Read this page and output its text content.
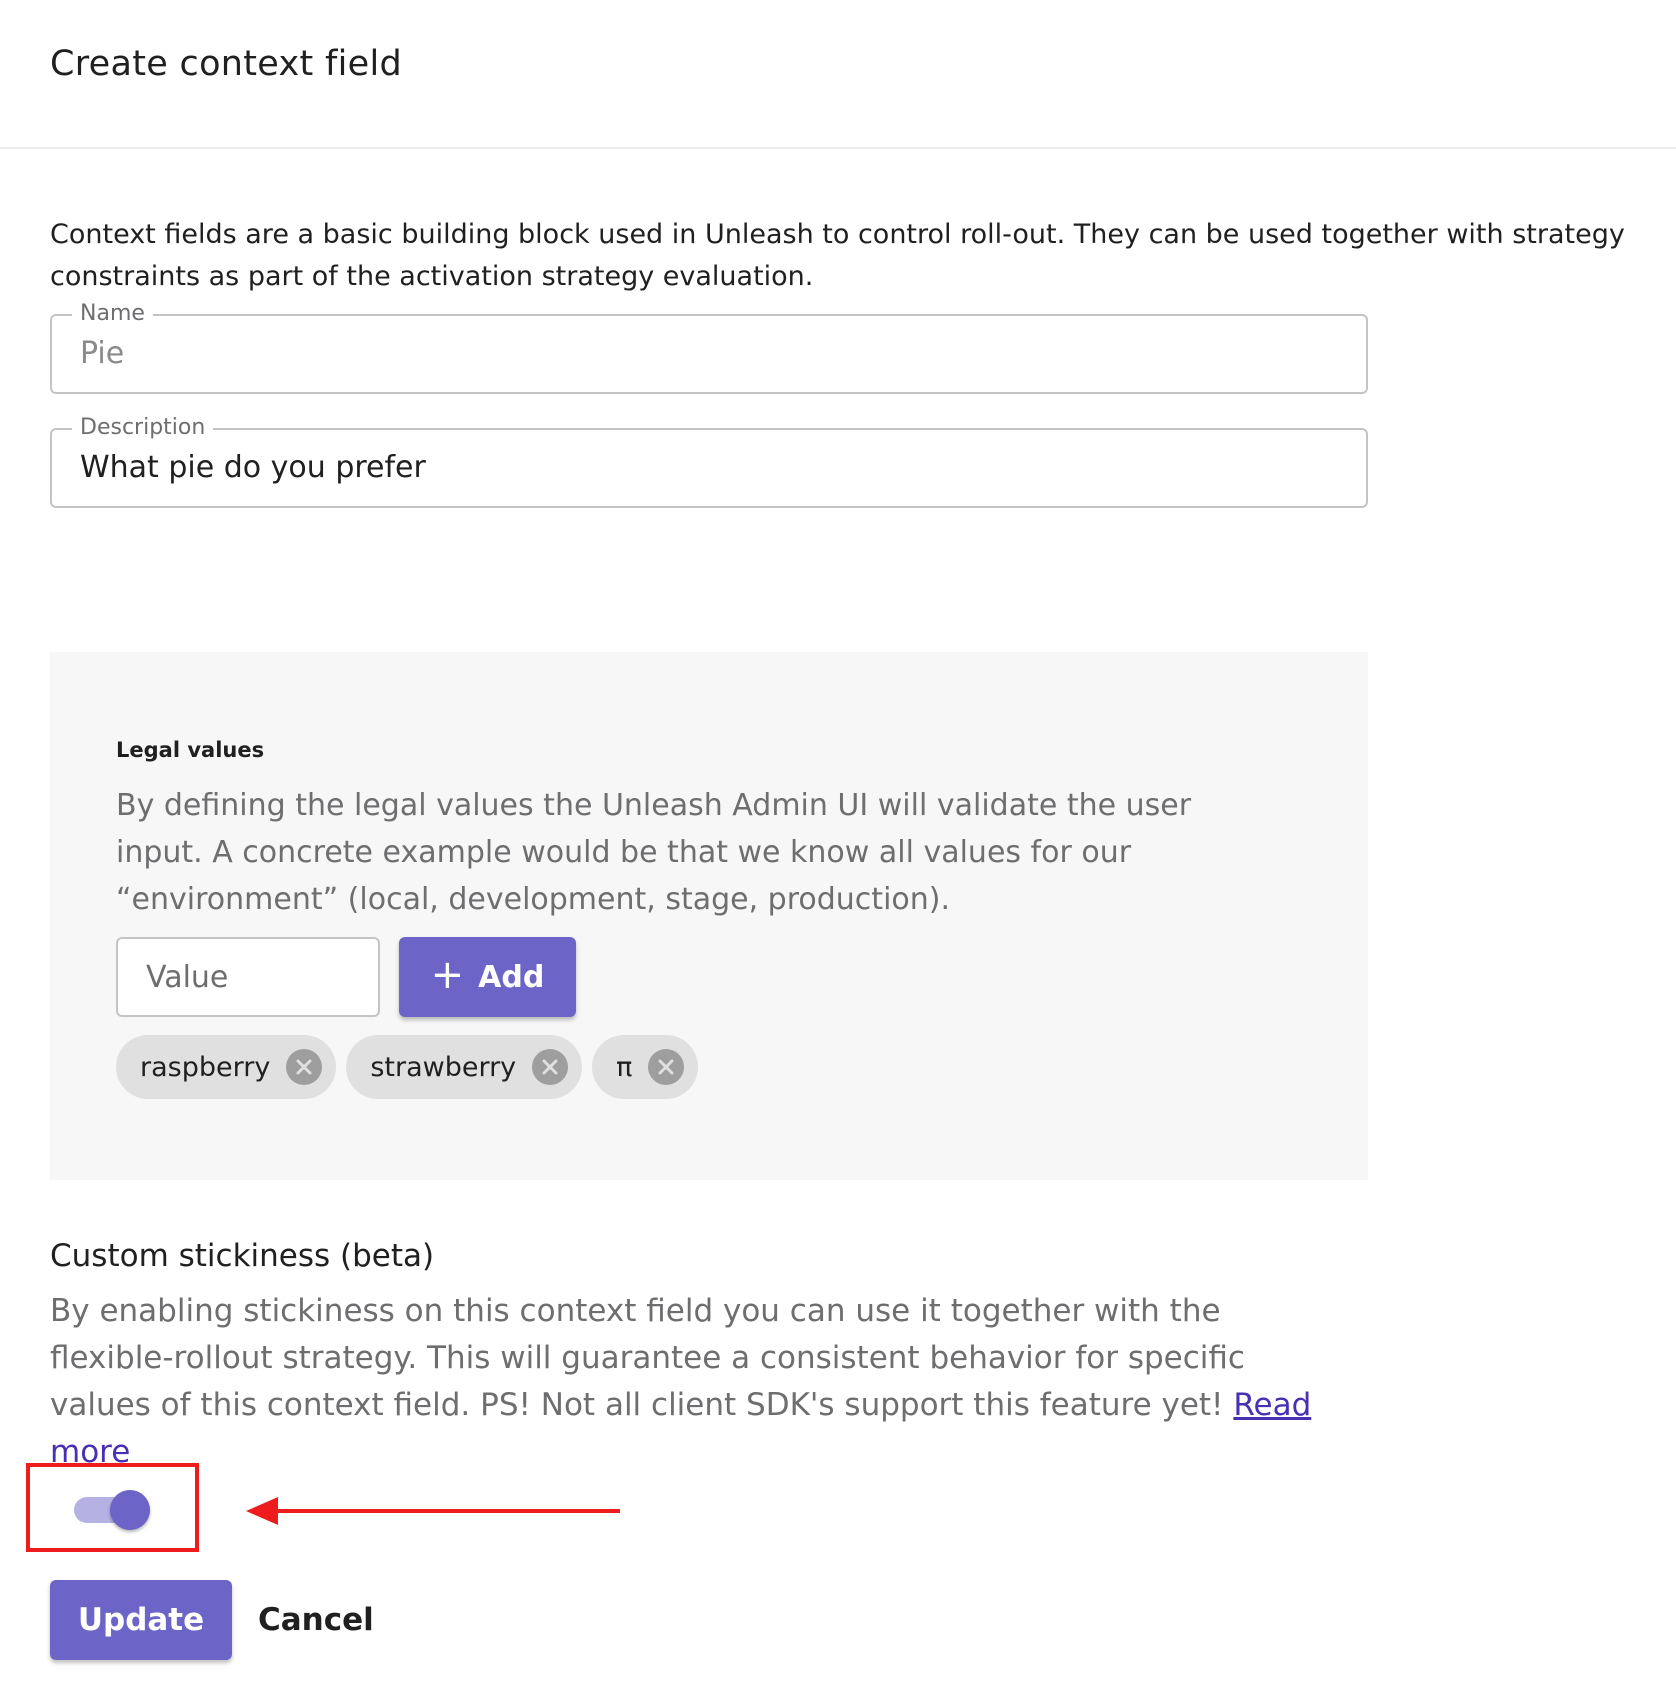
Create context field
Context fields are a basic building block used in Unleash to control roll-out. They can be used together with strategy
constraints as part of the activation strategy evaluation.
Name
Pie
Description
What pie do you prefer
Legal values
By defining the legal values the Unleash Admin UI will validate the user input. A concrete example would be that we know all values for our “environment” (local, development, stage, production).
Value
+ Add
raspberry	strawberry	π
Custom stickiness (beta)
By enabling stickiness on this context field you can use it together with the flexible-rollout strategy. This will guarantee a consistent behavior for specific values of this context field. PS! Not all client SDK's support this feature yet! Read more
Update	Cancel
